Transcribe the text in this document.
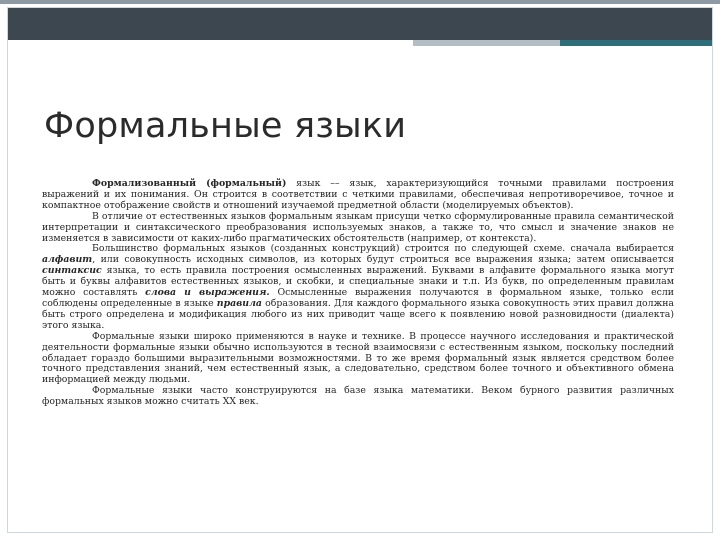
Формальные языки

Формализованный (формальный) язык –– язык, характеризующийся точными правилами построения выражений и их понимания. Он строится в соответствии с четкими правилами, обеспечивая непротиворечивое, точное и компактное отображение свойств и отношений изучаемой предметной области (моделируемых объектов).

В отличие от естественных языков формальным языкам присущи четко сформулированные правила семантической интерпретации и синтаксического преобразования используемых знаков, а также то, что смысл и значение знаков не изменяется в зависимости от каких-либо прагматических обстоятельств (например, от контекста).

Большинство формальных языков (созданных конструкций) строится по следующей схеме. сначала выбирается алфавит, или совокупность исходных символов, из которых будут строиться все выражения языка; затем описывается синтаксис языка, то есть правила построения осмысленных выражений. Буквами в алфавите формального языка могут быть и буквы алфавитов естественных языков, и скобки, и специальные знаки и т.п. Из букв, по определенным правилам можно составлять слова и выражения. Осмысленные выражения получаются в формальном языке, только если соблюдены определенные в языке правила образования. Для каждого формального языка совокупность этих правил должна быть строго определена и модификация любого из них приводит чаще всего к появлению новой разновидности (диалекта) этого языка.

Формальные языки широко применяются в науке и технике. В процессе научного исследования и практической деятельности формальные языки обычно используются в тесной взаимосвязи с естественным языком, поскольку последний обладает гораздо большими выразительными возможностями. В то же время формальный язык является средством более точного представления знаний, чем естественный язык, а следовательно, средством более точного и объективного обмена информацией между людьми.

Формальные языки часто конструируются на базе языка математики. Веком бурного развития различных формальных языков можно считать XX век.
